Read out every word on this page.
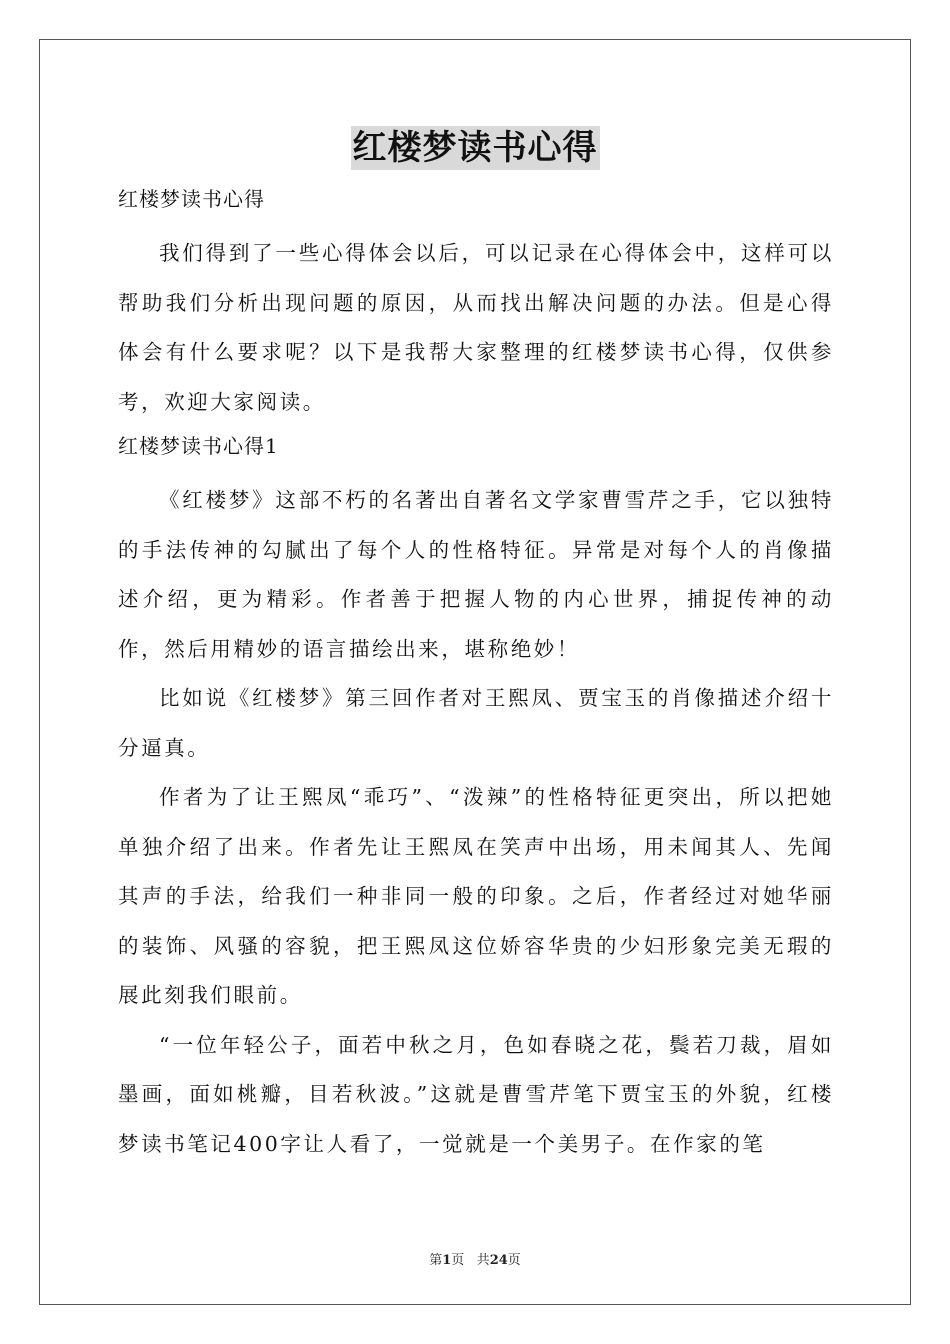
红楼梦读书心得
红楼梦读书心得

我们得到了一些心得体会以后，可以记录在心得体会中，这样可以帮助我们分析出现问题的原因，从而找出解决问题的办法。但是心得体会有什么要求呢？以下是我帮大家整理的红楼梦读书心得，仅供参考，欢迎大家阅读。

红楼梦读书心得1

《红楼梦》这部不朽的名著出自著名文学家曹雪芹之手，它以独特的手法传神的勾腻出了每个人的性格特征。异常是对每个人的肖像描述介绍，更为精彩。作者善于把握人物的内心世界，捕捉传神的动作，然后用精妙的语言描绘出来，堪称绝妙！

比如说《红楼梦》第三回作者对王熙凤、贾宝玉的肖像描述介绍十分逼真。

作者为了让王熙凤“乖巧”、“泼辣”的性格特征更突出，所以把她单独介绍了出来。作者先让王熙凤在笑声中出场，用未闻其人、先闻其声的手法，给我们一种非同一般的印象。之后，作者经过对她华丽的装饰、风骚的容貌，把王熙凤这位娇容华贵的少妇形象完美无瑕的展此刻我们眼前。

“一位年轻公子，面若中秋之月，色如春晓之花，鬓若刀裁，眉如墨画，面如桃瓣，目若秋波。”这就是曹雪芹笔下贾宝玉的外貌，红楼梦读书笔记400字让人看了，一觉就是一个美男子。在作家的笔

第1页 共24页
